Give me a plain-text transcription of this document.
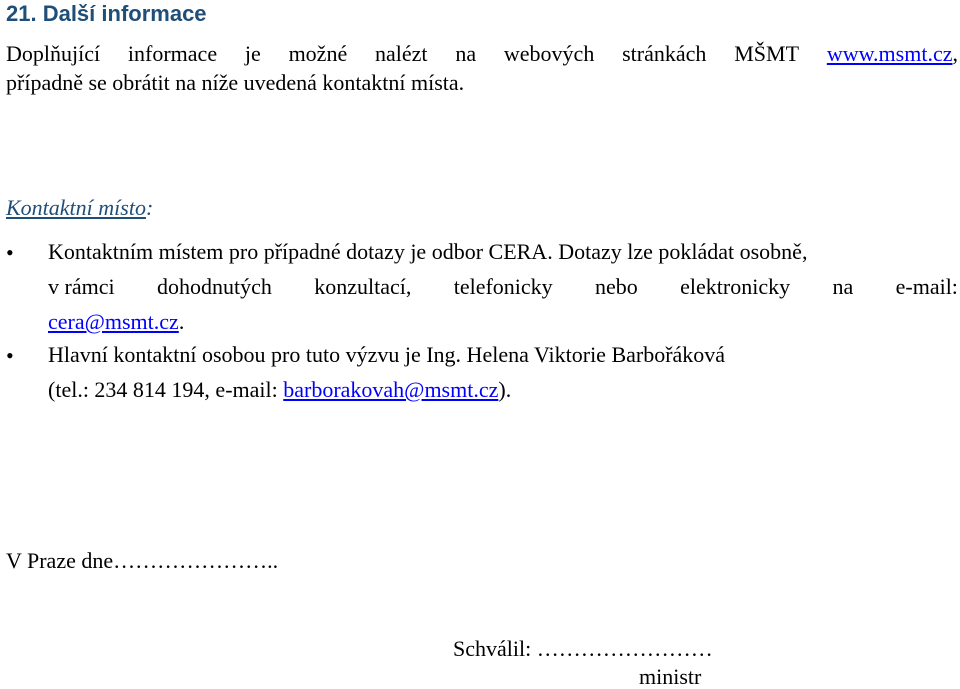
21. Další informace
Doplňující informace je možné nalézt na webových stránkách MŠMT www.msmt.cz,
případně se obrátit na níže uvedená kontaktní místa.

Kontaktní místo:

• Kontaktním místem pro případné dotazy je odbor CERA. Dotazy lze pokládat osobně,
v rámci dohodnutých konzultací, telefonicky nebo elektronicky na e-mail:
cera@msmt.cz.
• Hlavní kontaktní osobou pro tuto výzvu je Ing. Helena Viktorie Barbořáková
(tel.: 234 814 194, e-mail: barborakovah@msmt.cz).

V Praze dne…………………..

Schválil: ……………………

ministr
